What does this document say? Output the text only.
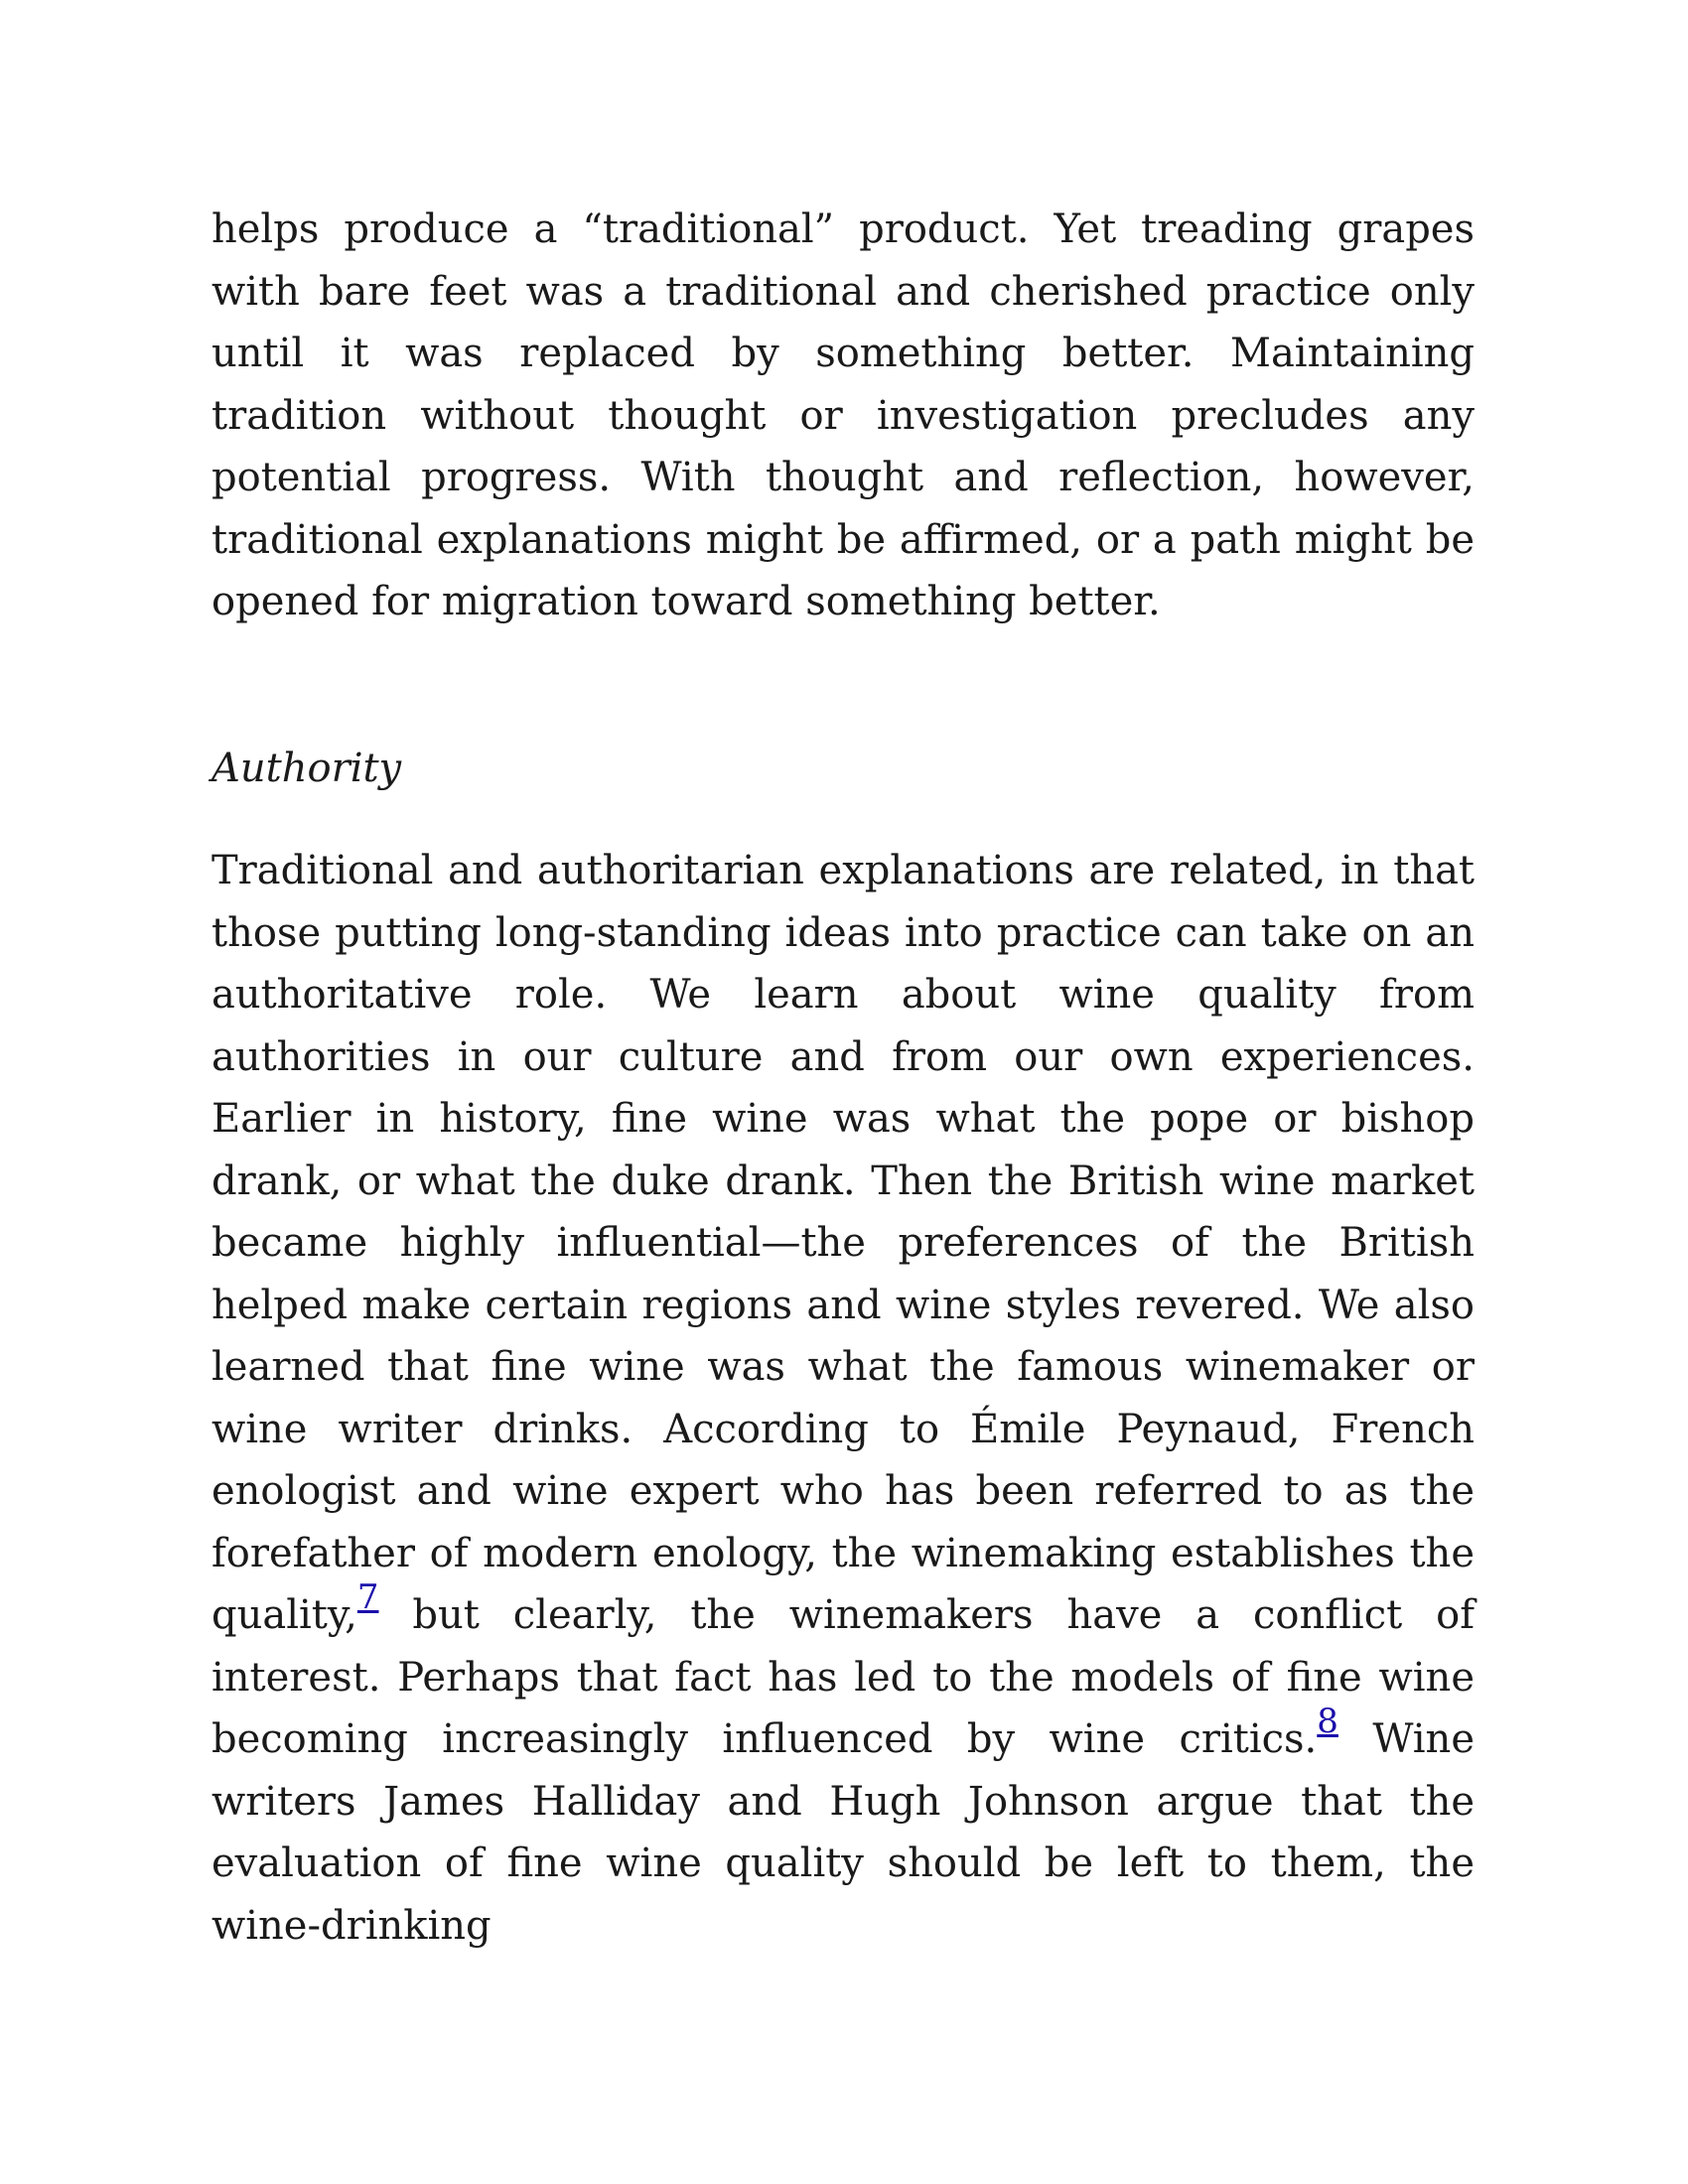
helps produce a “traditional” product. Yet treading grapes with bare feet was a traditional and cherished practice only until it was replaced by something better. Maintaining tradition without thought or investigation precludes any potential progress. With thought and reflection, however, traditional explanations might be affirmed, or a path might be opened for migration toward something better.

Authority

Traditional and authoritarian explanations are related, in that those putting long-standing ideas into practice can take on an authoritative role. We learn about wine quality from authorities in our culture and from our own experiences. Earlier in history, fine wine was what the pope or bishop drank, or what the duke drank. Then the British wine market became highly influential—the preferences of the British helped make certain regions and wine styles revered. We also learned that fine wine was what the famous winemaker or wine writer drinks. According to Émile Peynaud, French enologist and wine expert who has been referred to as the forefather of modern enology, the winemaking establishes the quality,$^7$ but clearly, the winemakers have a conflict of interest. Perhaps that fact has led to the models of fine wine becoming increasingly influenced by wine critics.$^8$ Wine writers James Halliday and Hugh Johnson argue that the evaluation of fine wine quality should be left to them, the wine-drinking
